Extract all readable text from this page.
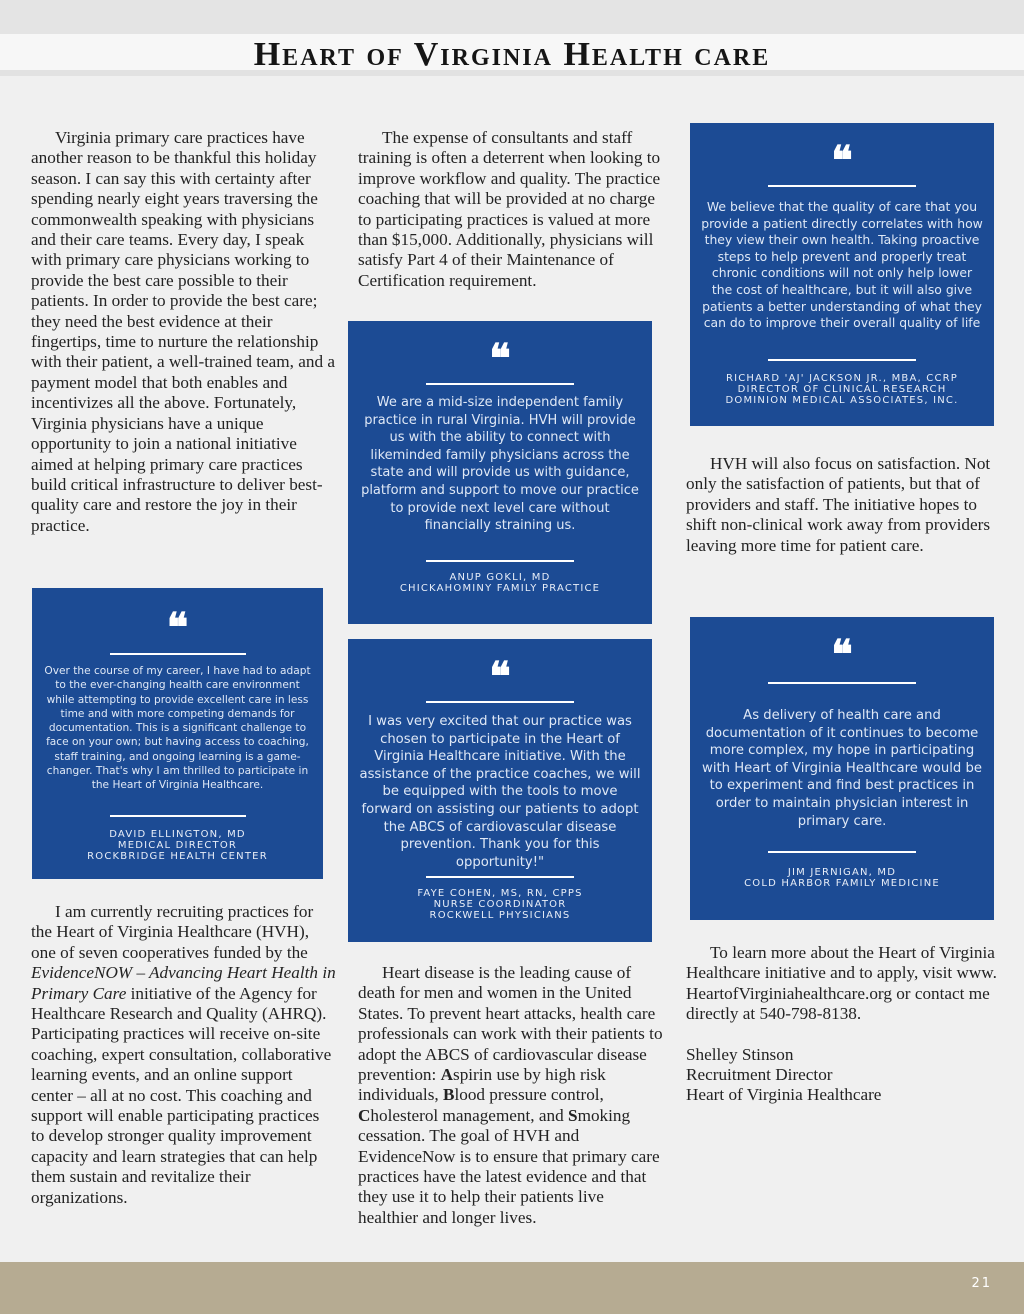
Heart of Virginia Health care

Virginia primary care practices have another reason to be thankful this holiday season. I can say this with certainty after spending nearly eight years traversing the commonwealth speaking with physicians and their care teams. Every day, I speak with primary care physicians working to provide the best care possible to their patients. In order to provide the best care; they need the best evidence at their fingertips, time to nurture the relationship with their patient, a well-trained team, and a payment model that both enables and incentivizes all the above. Fortunately, Virginia physicians have a unique opportunity to join a national initiative aimed at helping primary care practices build critical infrastructure to deliver best-quality care and restore the joy in their practice.

❝
Over the course of my career, I have had to adapt to the ever-changing health care environment while attempting to provide excellent care in less time and with more competing demands for documentation. This is a significant challenge to face on your own; but having access to coaching, staff training, and ongoing learning is a game-changer. That's why I am thrilled to participate in the Heart of Virginia Healthcare.
DAVID ELLINGTON, MD
MEDICAL DIRECTOR
ROCKBRIDGE HEALTH CENTER

I am currently recruiting practices for the Heart of Virginia Healthcare (HVH), one of seven cooperatives funded by the EvidenceNOW – Advancing Heart Health in Primary Care initiative of the Agency for Healthcare Research and Quality (AHRQ). Participating practices will receive on-site coaching, expert consultation, collaborative learning events, and an online support center – all at no cost. This coaching and support will enable participating practices to develop stronger quality improvement capacity and learn strategies that can help them sustain and revitalize their organizations.

The expense of consultants and staff training is often a deterrent when looking to improve workflow and quality. The practice coaching that will be provided at no charge to participating practices is valued at more than $15,000. Additionally, physicians will satisfy Part 4 of their Maintenance of Certification requirement.

❝
We are a mid-size independent family practice in rural Virginia. HVH will provide us with the ability to connect with likeminded family physicians across the state and will provide us with guidance, platform and support to move our practice to provide next level care without financially straining us.
ANUP GOKLI, MD
CHICKAHOMINY FAMILY PRACTICE
❝
I was very excited that our practice was chosen to participate in the Heart of Virginia Healthcare initiative. With the assistance of the practice coaches, we will be equipped with the tools to move forward on assisting our patients to adopt the ABCS of cardiovascular disease prevention. Thank you for this opportunity!"
FAYE COHEN, MS, RN, CPPS
NURSE COORDINATOR
ROCKWELL PHYSICIANS

Heart disease is the leading cause of death for men and women in the United States. To prevent heart attacks, health care professionals can work with their patients to adopt the ABCS of cardiovascular disease prevention: Aspirin use by high risk individuals, Blood pressure control, Cholesterol management, and Smoking cessation. The goal of HVH and EvidenceNow is to ensure that primary care practices have the latest evidence and that they use it to help their patients live healthier and longer lives.

❝
We believe that the quality of care that you provide a patient directly correlates with how they view their own health. Taking proactive steps to help prevent and properly treat chronic conditions will not only help lower the cost of healthcare, but it will also give patients a better understanding of what they can do to improve their overall quality of life
RICHARD 'AJ' JACKSON JR., MBA, CCRP
DIRECTOR OF CLINICAL RESEARCH
DOMINION MEDICAL ASSOCIATES, INC.

HVH will also focus on satisfaction. Not only the satisfaction of patients, but that of providers and staff. The initiative hopes to shift non-clinical work away from providers leaving more time for patient care.

❝
As delivery of health care and documentation of it continues to become more complex, my hope in participating with Heart of Virginia Healthcare would be to experiment and find best practices in order to maintain physician interest in primary care.
JIM JERNIGAN, MD
COLD HARBOR FAMILY MEDICINE

To learn more about the Heart of Virginia Healthcare initiative and to apply, visit www. HeartofVirginiahealthcare.org or contact me directly at 540-798-8138.

Shelley Stinson
Recruitment Director
Heart of Virginia Healthcare
21
